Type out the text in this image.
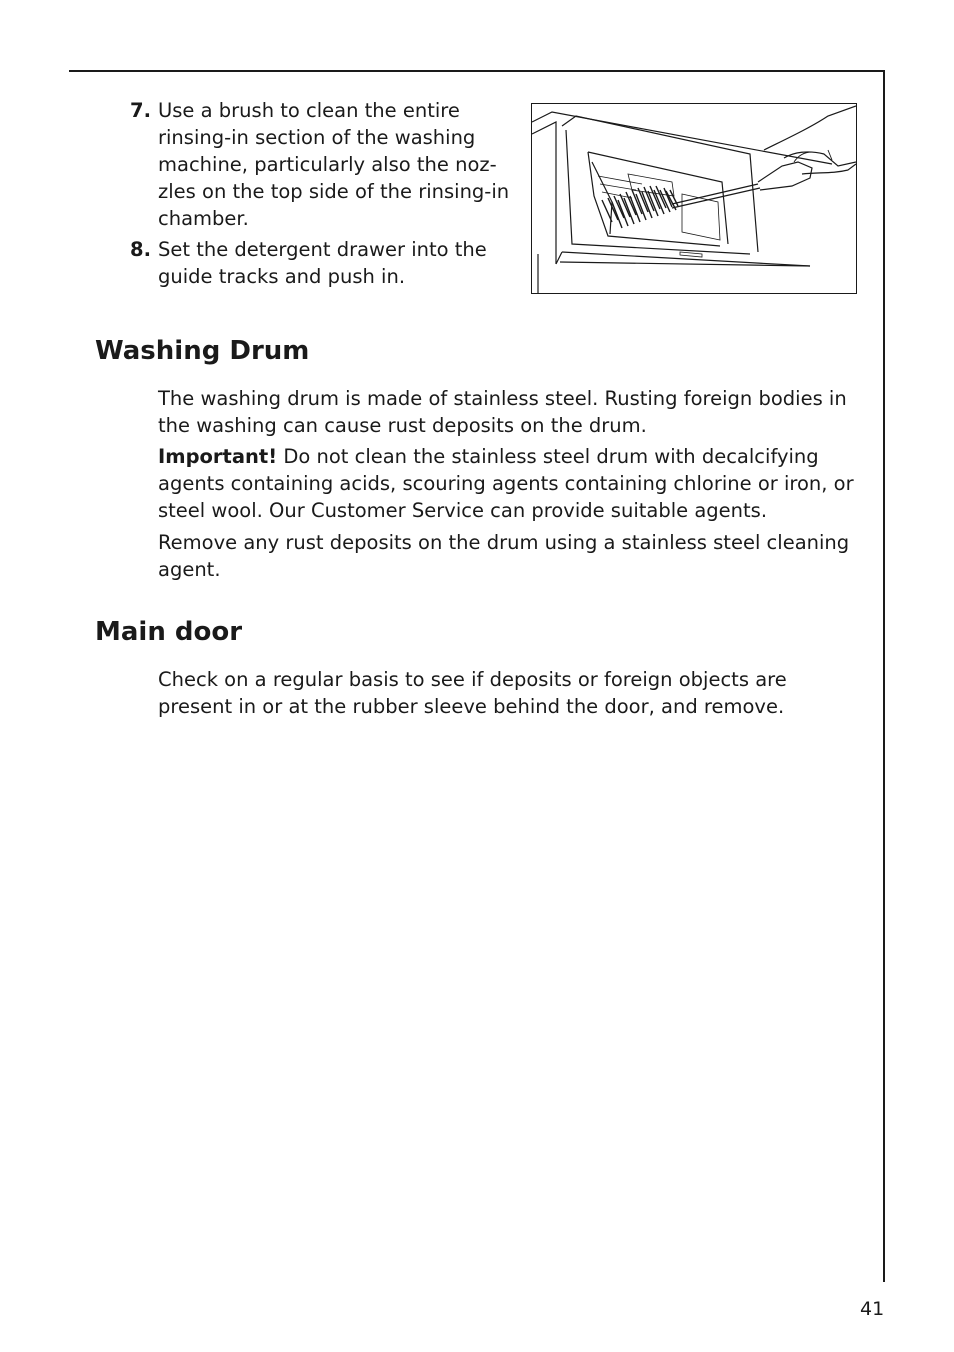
7. Use a brush to clean the entire rinsing-in section of the washing machine, particularly also the noz-zles on the top side of the rinsing-in chamber.
8. Set the detergent drawer into the guide tracks and push in.
Washing Drum

The washing drum is made of stainless steel. Rusting foreign bodies in the washing can cause rust deposits on the drum.

Important! Do not clean the stainless steel drum with decalcifying agents containing acids, scouring agents containing chlorine or iron, or steel wool. Our Customer Service can provide suitable agents.

Remove any rust deposits on the drum using a stainless steel cleaning agent.

Main door

Check on a regular basis to see if deposits or foreign objects are present in or at the rubber sleeve behind the door, and remove.

41
